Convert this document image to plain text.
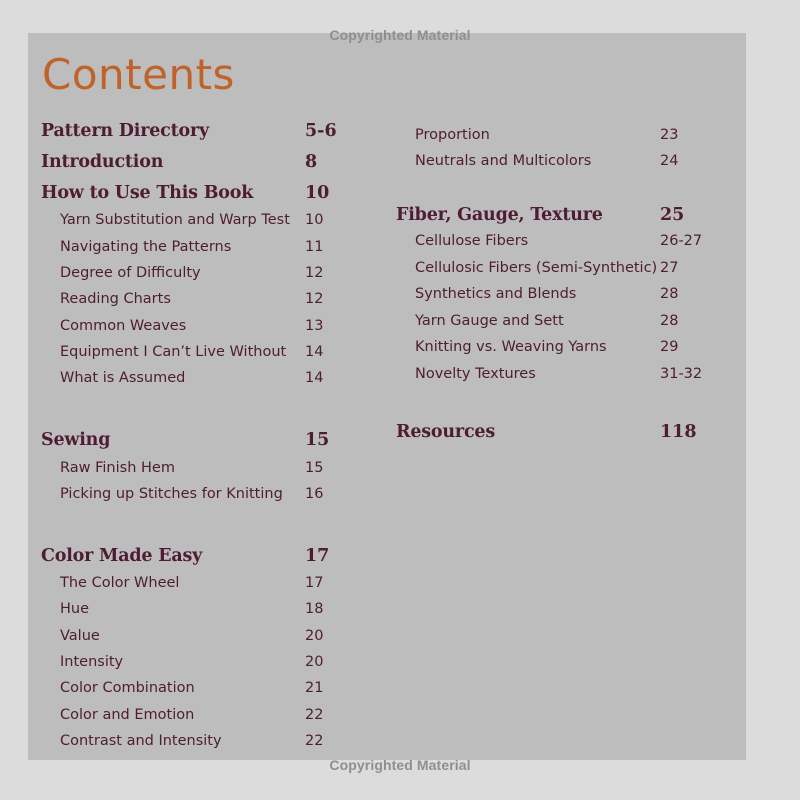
Copyrighted Material
Contents
Pattern Directory	5-6
Introduction	8
How to Use This Book	10
Yarn Substitution and Warp Test 10
Navigating the Patterns	11
Degree of Difficulty	12
Reading Charts	12
Common Weaves	13
Equipment I Can’t Live Without 14
What is Assumed	14
Sewing	15
Raw Finish Hem	15
Picking up Stitches for Knitting 16
Color Made Easy	17
The Color Wheel	17
Hue	18
Value	20
Intensity	20
Color Combination	21
Color and Emotion	22
Contrast and Intensity	22
Proportion	23
Neutrals and Multicolors	24
Fiber, Gauge, Texture	25
Cellulose Fibers	26-27
Cellulosic Fibers (Semi-Synthetic) 27
Synthetics and Blends	28
Yarn Gauge and Sett	28
Knitting vs. Weaving Yarns	29
Novelty Textures	31-32
Resources	118
Copyrighted Material
